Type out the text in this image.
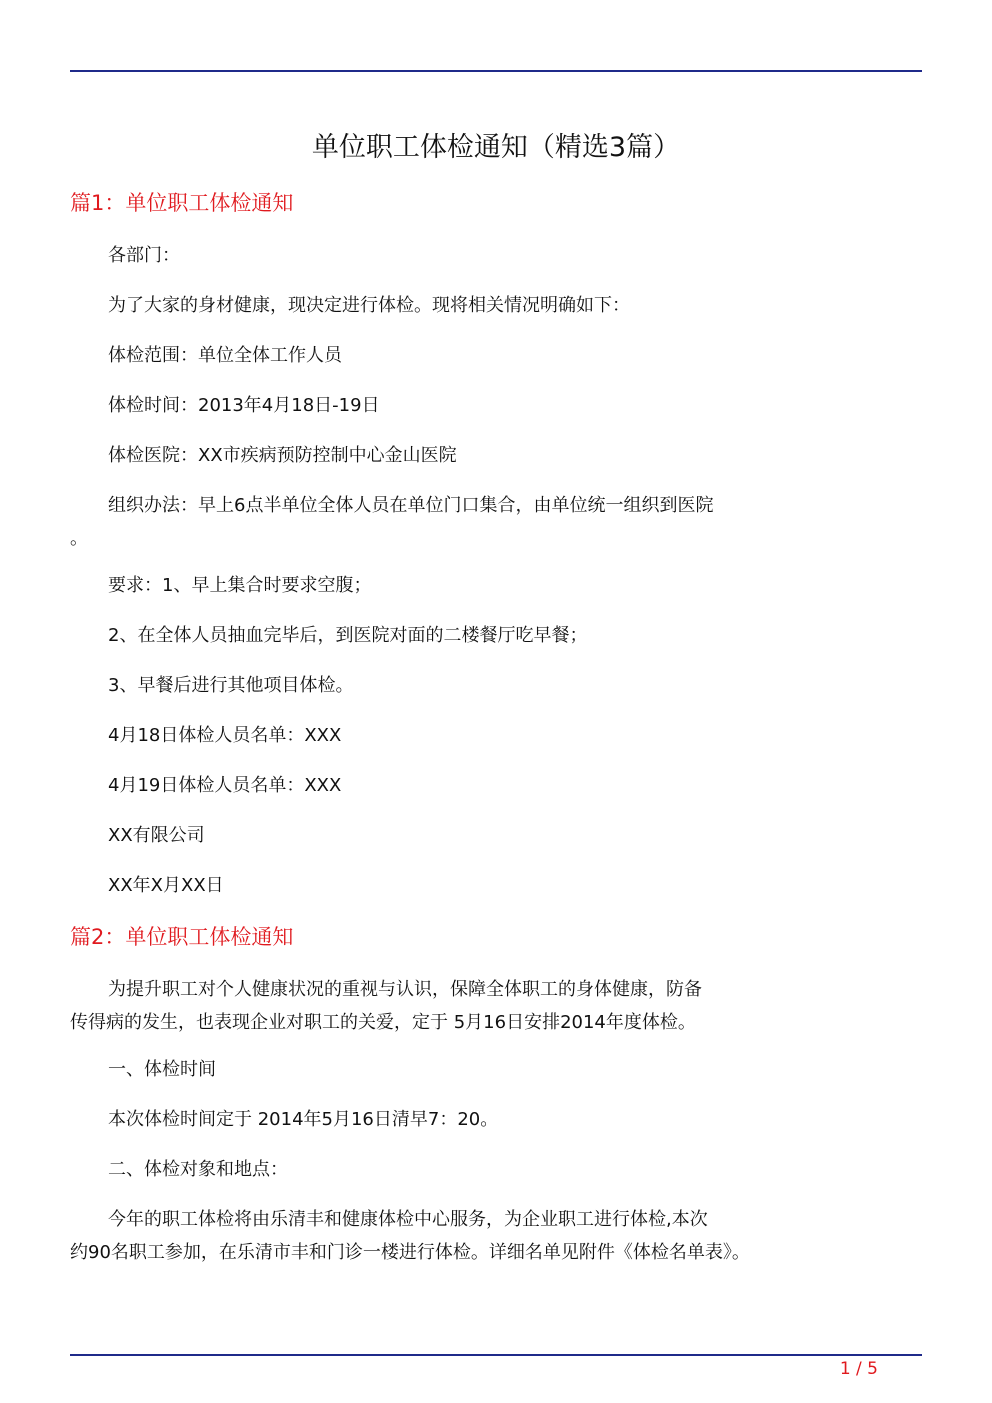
单位职工体检通知（精选3篇）
篇1：单位职工体检通知
各部门：
为了大家的身材健康，现决定进行体检。现将相关情况明确如下：
体检范围：单位全体工作人员
体检时间：2013年4月18日-19日
体检医院：XX市疾病预防控制中心金山医院
组织办法：早上6点半单位全体人员在单位门口集合，由单位统一组织到医院
。
要求：1、早上集合时要求空腹；
2、在全体人员抽血完毕后，到医院对面的二楼餐厅吃早餐；
3、早餐后进行其他项目体检。
4月18日体检人员名单：XXX
4月19日体检人员名单：XXX
XX有限公司
XX年X月XX日
篇2：单位职工体检通知
为提升职工对个人健康状况的重视与认识，保障全体职工的身体健康，防备
传得病的发生，也表现企业对职工的关爱，定于 5月16日安排2014年度体检。
一、体检时间
本次体检时间定于 2014年5月16日清早7：20。
二、体检对象和地点：
今年的职工体检将由乐清丰和健康体检中心服务，为企业职工进行体检,本次
约90名职工参加，在乐清市丰和门诊一楼进行体检。详细名单见附件《体检名单表》。
1 / 5
